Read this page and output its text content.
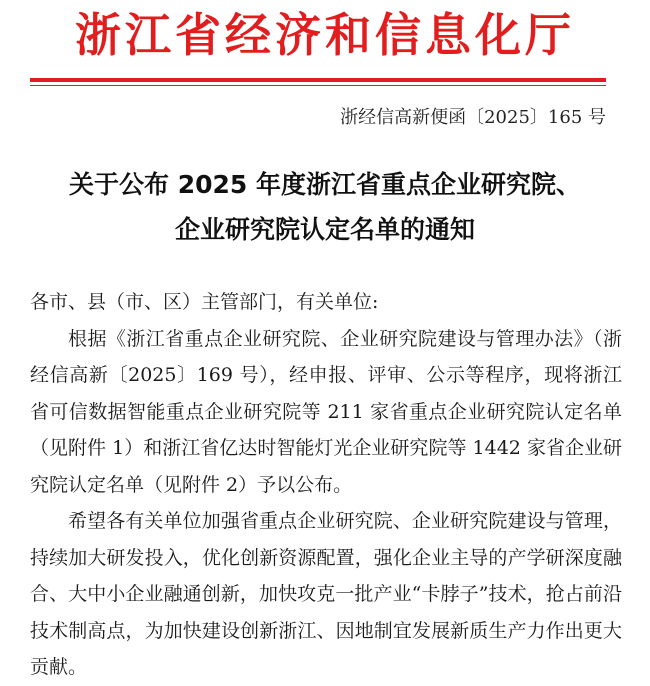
浙江省经济和信息化厅
浙经信高新便函〔2025〕165 号
关于公布 2025 年度浙江省重点企业研究院、
企业研究院认定名单的通知

各市、县（市、区）主管部门，有关单位:

根据《浙江省重点企业研究院、企业研究院建设与管理办法》（浙经信高新〔2025〕169 号），经申报、评审、公示等程序，现将浙江省可信数据智能重点企业研究院等 211 家省重点企业研究院认定名单（见附件 1）和浙江省亿达时智能灯光企业研究院等 1442 家省企业研究院认定名单（见附件 2）予以公布。

希望各有关单位加强省重点企业研究院、企业研究院建设与管理，持续加大研发投入，优化创新资源配置，强化企业主导的产学研深度融合、大中小企业融通创新，加快攻克一批产业“卡脖子”技术，抢占前沿技术制高点，为加快建设创新浙江、因地制宜发展新质生产力作出更大贡献。
